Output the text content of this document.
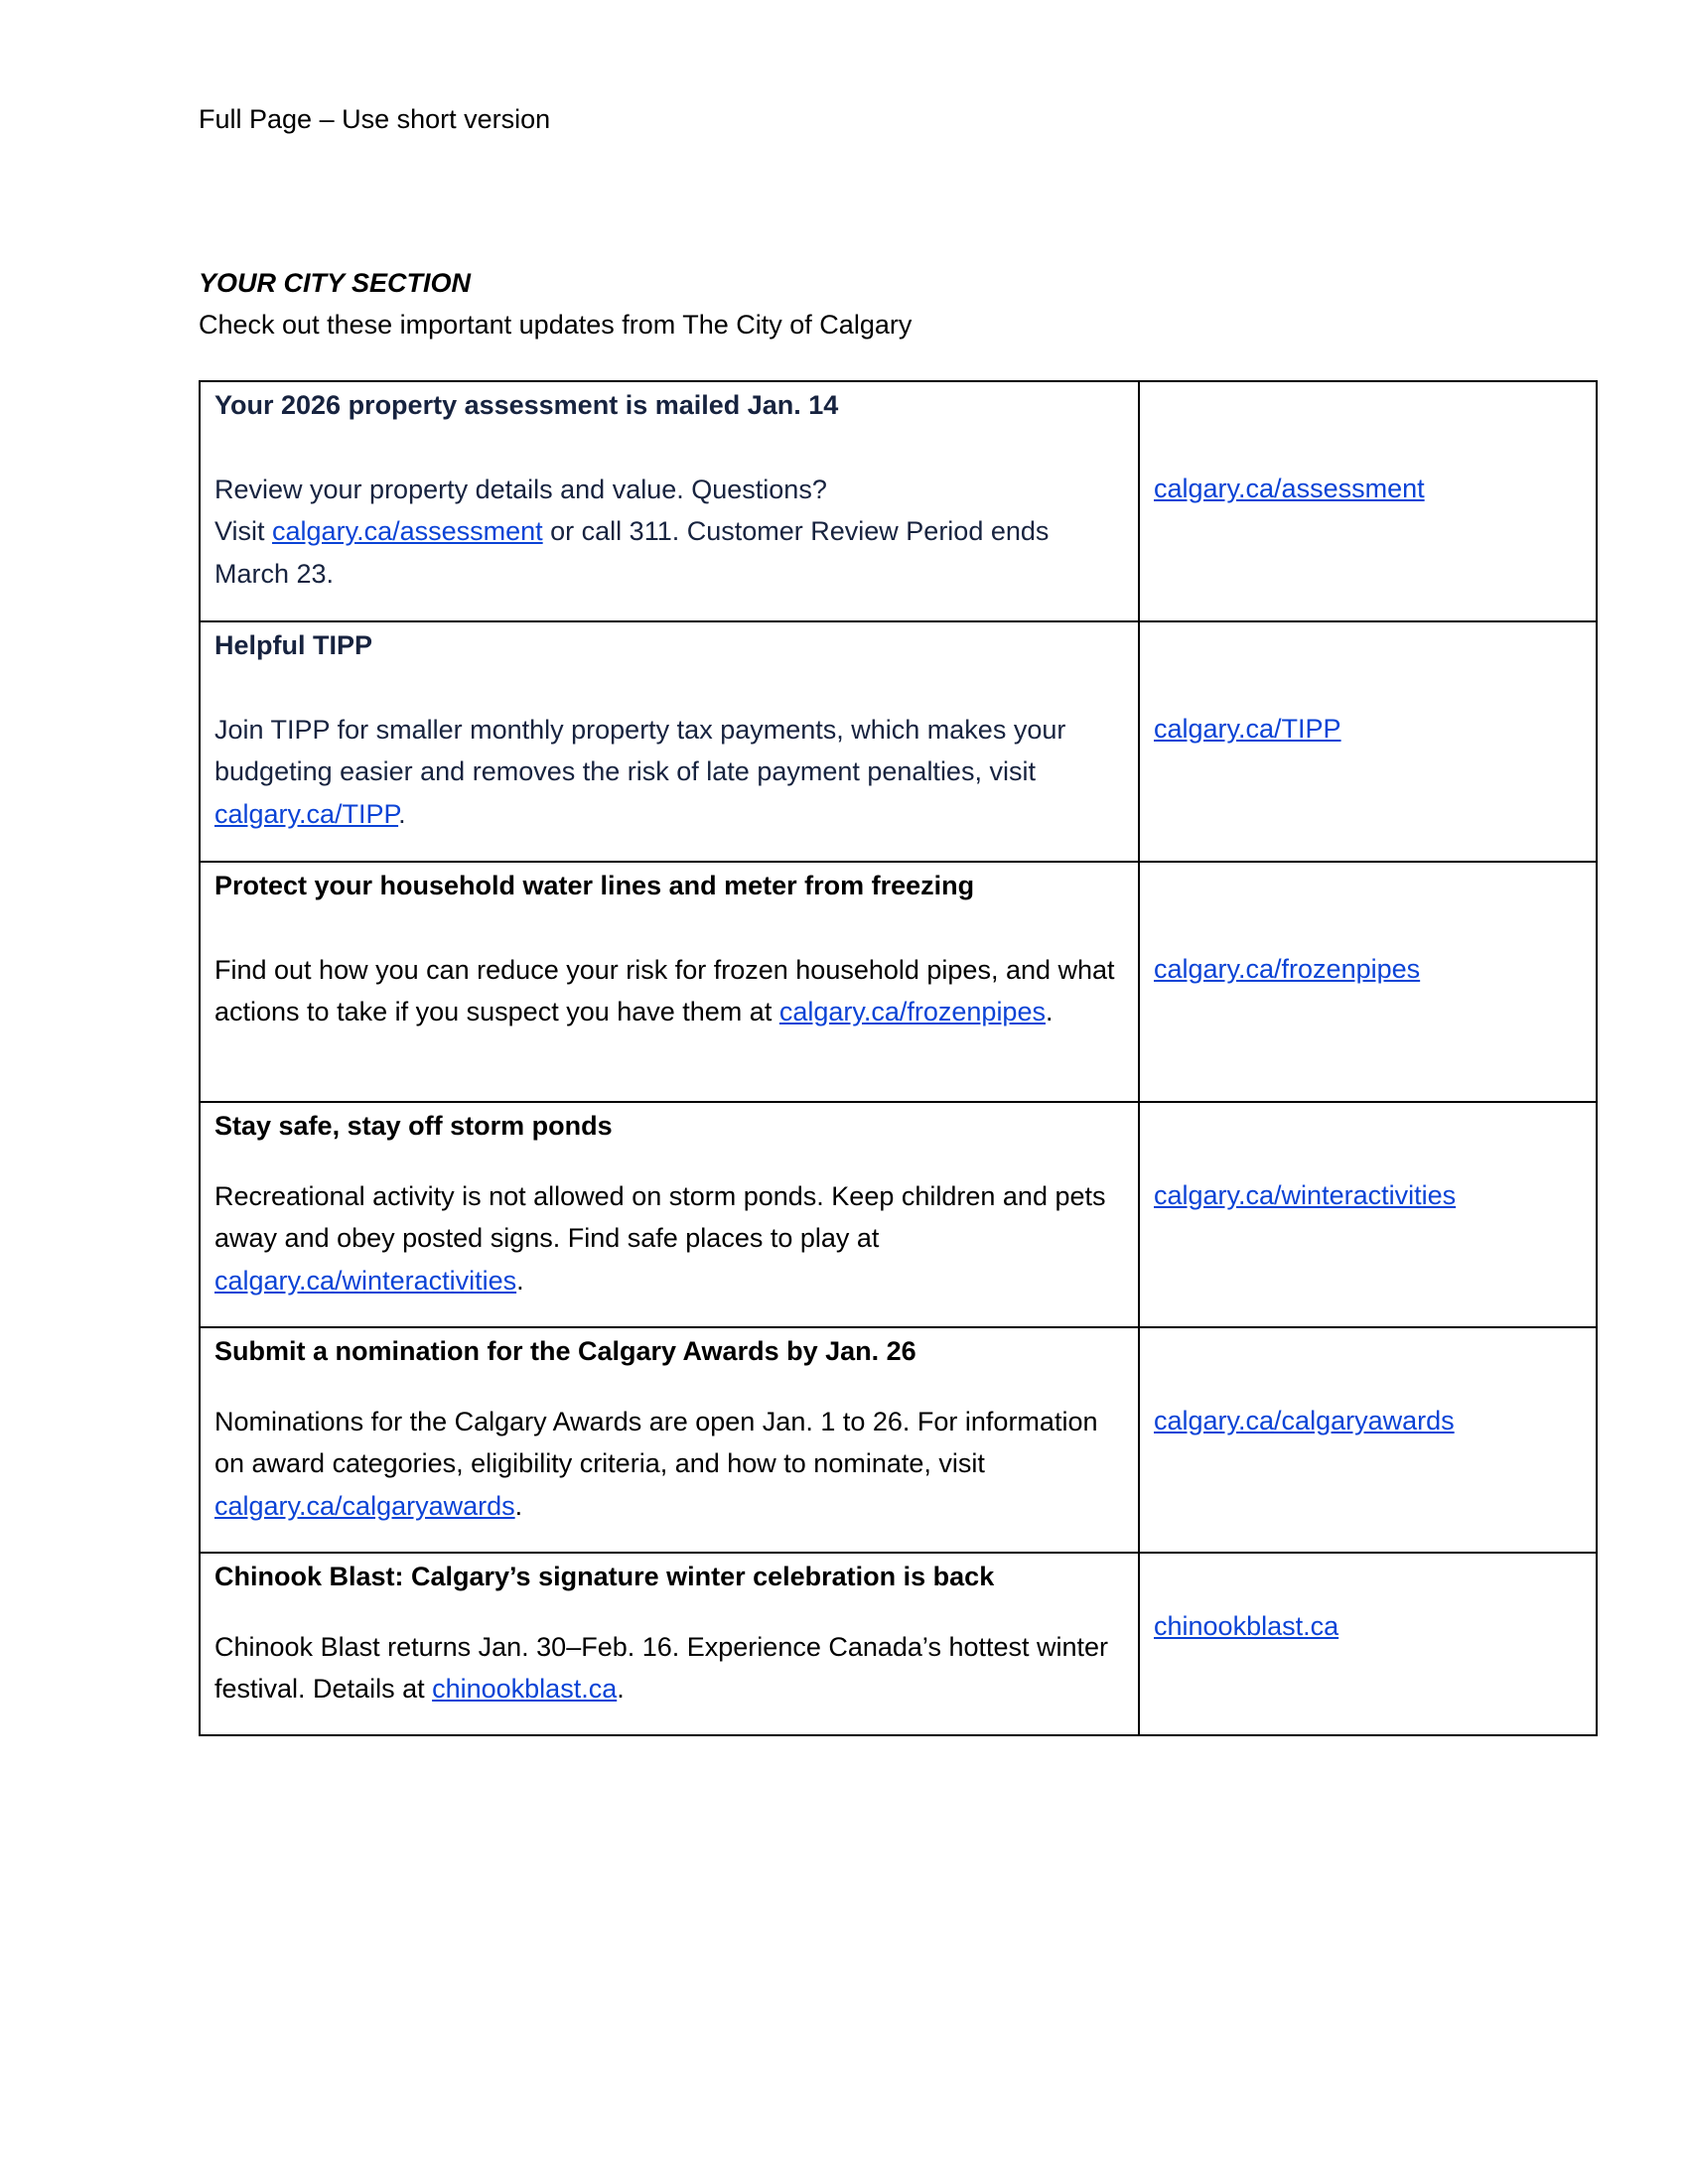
Full Page – Use short version
YOUR CITY SECTION
Check out these important updates from The City of Calgary
Your 2026 property assessment is mailed Jan. 14
Review your property details and value. Questions?
Visit calgary.ca/assessment or call 311. Customer Review Period ends March 23.	calgary.ca/assessment

Helpful TIPP
Join TIPP for smaller monthly property tax payments, which makes your budgeting easier and removes the risk of late payment penalties, visit calgary.ca/TIPP.	calgary.ca/TIPP

Protect your household water lines and meter from freezing
Find out how you can reduce your risk for frozen household pipes, and what actions to take if you suspect you have them at calgary.ca/frozenpipes.	calgary.ca/frozenpipes

Stay safe, stay off storm ponds
Recreational activity is not allowed on storm ponds. Keep children and pets away and obey posted signs. Find safe places to play at calgary.ca/winteractivities.	calgary.ca/winteractivities

Submit a nomination for the Calgary Awards by Jan. 26
Nominations for the Calgary Awards are open Jan. 1 to 26. For information on award categories, eligibility criteria, and how to nominate, visit calgary.ca/calgaryawards.	calgary.ca/calgaryawards

Chinook Blast: Calgary’s signature winter celebration is back
Chinook Blast returns Jan. 30–Feb. 16. Experience Canada’s hottest winter festival. Details at chinookblast.ca.	chinookblast.ca
